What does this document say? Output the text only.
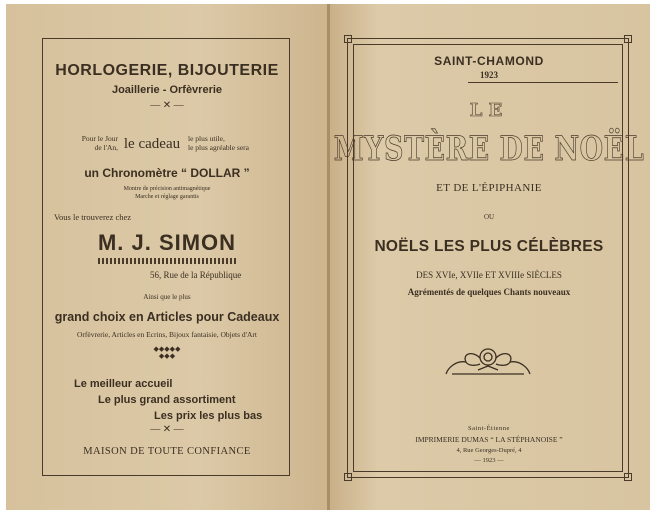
HORLOGERIE, BIJOUTERIE
Joaillerie - Orfèvrerie
— ✕ —
Pour le Jour
de l'An, le cadeau	le plus utile,
le plus agréable sera
un Chronomètre “ DOLLAR ”
Montre de précision antimagnétique
Marche et réglage garantis
Vous le trouverez chez
M. J. SIMON
56, Rue de la République
Ainsi que le plus
grand choix en Articles pour Cadeaux
Orfèvrerie, Articles en Ecrins, Bijoux fantaisie, Objets d'Art
◆◆◆◆◆
◆◆◆
Le meilleur accueil
Le plus grand assortiment
Les prix les plus bas
— ✕ —
MAISON DE TOUTE CONFIANCE
SAINT-CHAMOND
1923
LE
MYSTÈRE DE NOËL
ET DE L'ÉPIPHANIE
OU
NOËLS LES PLUS CÉLÈBRES
DES XVIe, XVIIe ET XVIIIe SIÈCLES
Agrémentés de quelques Chants nouveaux
Saint-Étienne
IMPRIMERIE DUMAS “ LA STÉPHANOISE ”
4, Rue Georges-Dupré, 4
— 1923 —
